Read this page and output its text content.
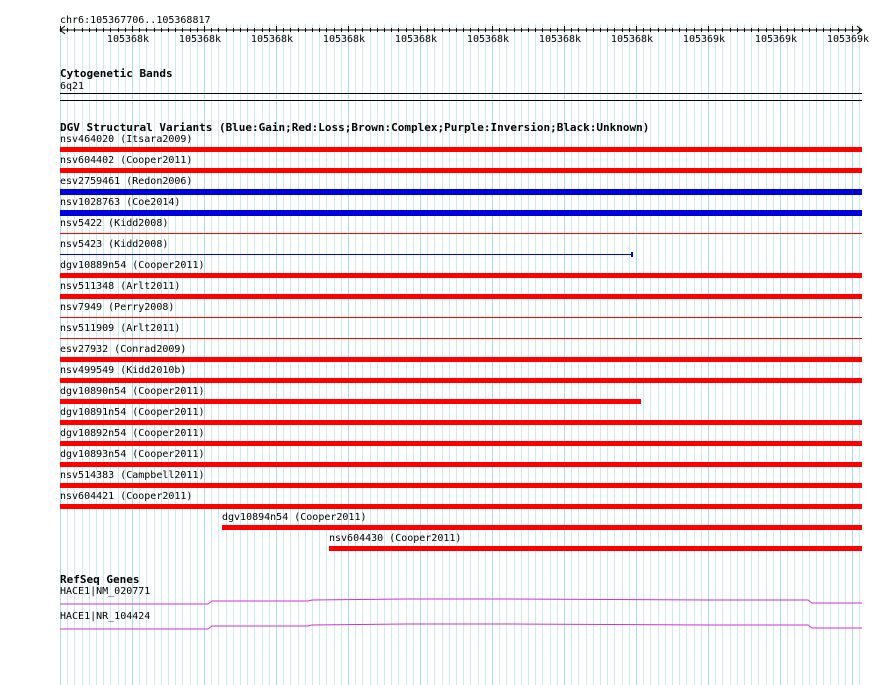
chr6:105367706..105368817
105368k	105368k	105368k	105368k	105368k	105368k	105368k	105368k	105369k	105369k	105369k
Cytogenetic Bands
6q21
DGV Structural Variants (Blue:Gain;Red:Loss;Brown:Complex;Purple:Inversion;Black:Unknown)
nsv464020 (Itsara2009)
nsv604402 (Cooper2011)
esv2759461 (Redon2006)
nsv1028763 (Coe2014)
nsv5422 (Kidd2008)
nsv5423 (Kidd2008)
dgv10889n54 (Cooper2011)
nsv511348 (Arlt2011)
nsv7949 (Perry2008)
nsv511909 (Arlt2011)
esv27932 (Conrad2009)
nsv499549 (Kidd2010b)
dgv10890n54 (Cooper2011)
dgv10891n54 (Cooper2011)
dgv10892n54 (Cooper2011)
dgv10893n54 (Cooper2011)
nsv514383 (Campbell2011)
nsv604421 (Cooper2011)
dgv10894n54 (Cooper2011)
nsv604430 (Cooper2011)
RefSeq Genes
HACE1|NM_020771
HACE1|NR_104424
